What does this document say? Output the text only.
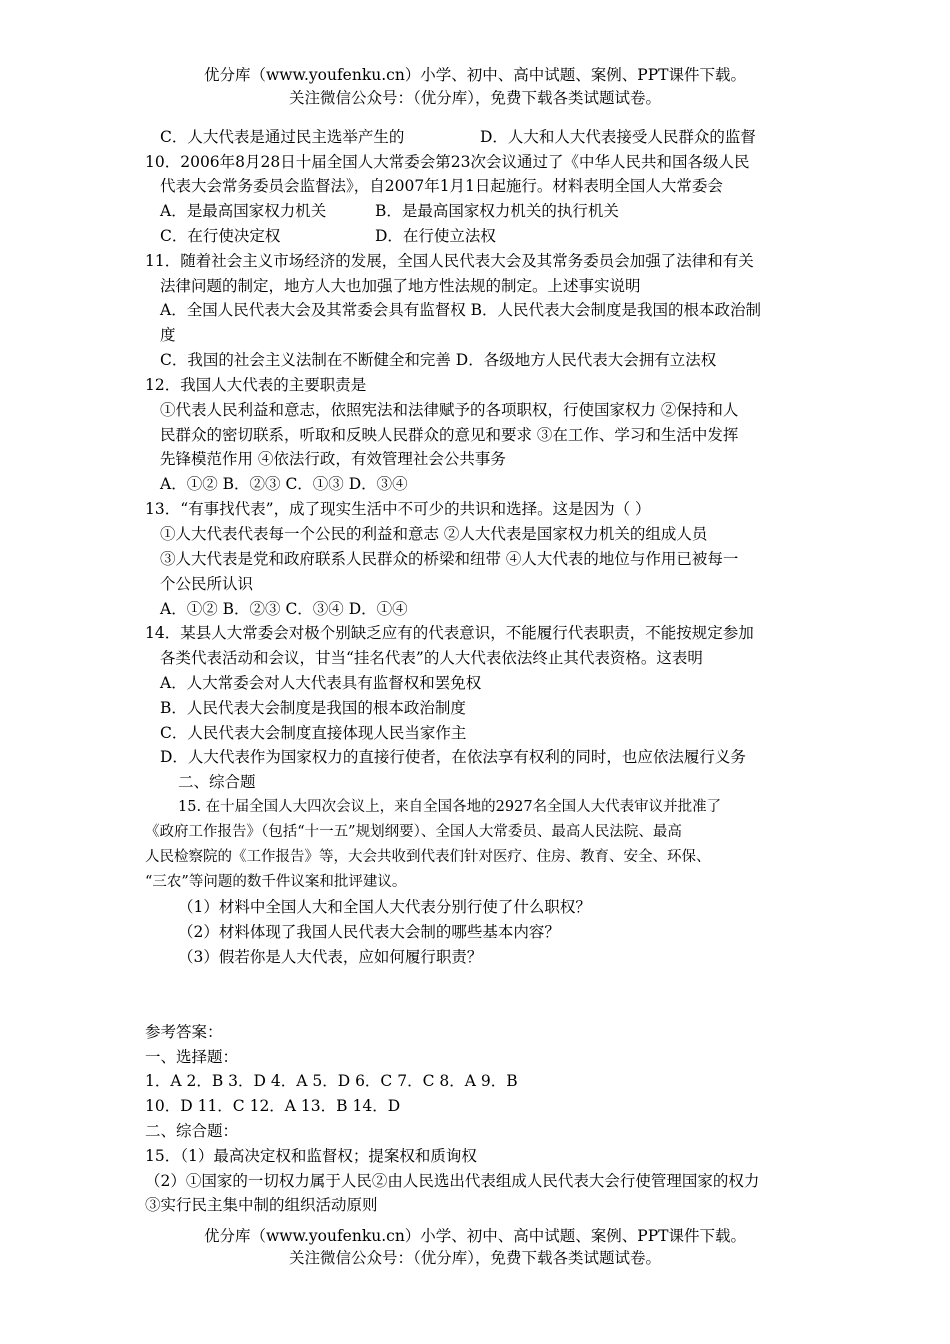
优分库（www.youfenku.cn）小学、初中、高中试题、案例、PPT课件下载。
关注微信公众号：（优分库），免费下载各类试题试卷。
C．人大代表是通过民主选举产生的	D．人大和人大代表接受人民群众的监督
10．2006年8月28日十届全国人大常委会第23次会议通过了《中华人民共和国各级人民
代表大会常务委员会监督法》，自2007年1月1日起施行。材料表明全国人大常委会
A．是最高国家权力机关	B．是最高国家权力机关的执行机关
C．在行使决定权	D．在行使立法权
11．随着社会主义市场经济的发展，全国人民代表大会及其常务委员会加强了法律和有关
法律问题的制定，地方人大也加强了地方性法规的制定。上述事实说明
A．全国人民代表大会及其常委会具有监督权 B．人民代表大会制度是我国的根本政治制
度
C．我国的社会主义法制在不断健全和完善 D．各级地方人民代表大会拥有立法权
12．我国人大代表的主要职责是
①代表人民利益和意志，依照宪法和法律赋予的各项职权，行使国家权力 ②保持和人
民群众的密切联系，听取和反映人民群众的意见和要求 ③在工作、学习和生活中发挥
先锋模范作用 ④依法行政，有效管理社会公共事务
A．①② B．②③ C．①③ D．③④
13．“有事找代表”，成了现实生活中不可少的共识和选择。这是因为（ ）
①人大代表代表每一个公民的利益和意志 ②人大代表是国家权力机关的组成人员
③人大代表是党和政府联系人民群众的桥梁和纽带 ④人大代表的地位与作用已被每一
个公民所认识
A．①② B．②③ C．③④ D．①④
14．某县人大常委会对极个别缺乏应有的代表意识，不能履行代表职责，不能按规定参加
各类代表活动和会议，甘当“挂名代表”的人大代表依法终止其代表资格。这表明
A．人大常委会对人大代表具有监督权和罢免权
B．人民代表大会制度是我国的根本政治制度
C．人民代表大会制度直接体现人民当家作主
D．人大代表作为国家权力的直接行使者，在依法享有权利的同时，也应依法履行义务
二、综合题
15. 在十届全国人大四次会议上，来自全国各地的2927名全国人大代表审议并批准了
《政府工作报告》（包括“十一五”规划纲要）、全国人大常委员、最高人民法院、最高
人民检察院的《工作报告》等，大会共收到代表们针对医疗、住房、教育、安全、环保、
“三农”等问题的数千件议案和批评建议。
（1）材料中全国人大和全国人大代表分别行使了什么职权？
（2）材料体现了我国人民代表大会制的哪些基本内容？
（3）假若你是人大代表，应如何履行职责？
参考答案：
一、选择题：
1．A 2．B 3．D 4．A 5．D 6．C 7．C 8．A 9．B
10．D 11．C 12．A 13．B 14．D
二、综合题：
15．（1）最高决定权和监督权；提案权和质询权
（2）①国家的一切权力属于人民②由人民选出代表组成人民代表大会行使管理国家的权力
③实行民主集中制的组织活动原则
优分库（www.youfenku.cn）小学、初中、高中试题、案例、PPT课件下载。
关注微信公众号：（优分库），免费下载各类试题试卷。
